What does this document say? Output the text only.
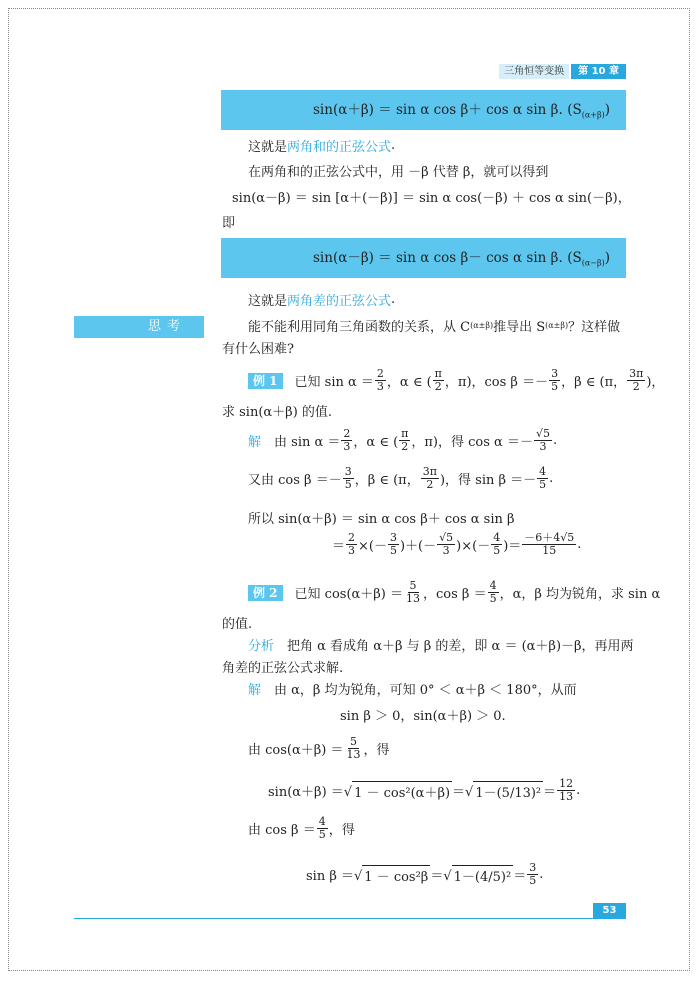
三角恒等变换	第 10 章
sin(α＋β) ＝ sin α cos β＋ cos α sin β. $(S_{(\alpha+\beta)})$
sin(α－β) ＝ sin α cos β－ cos α sin β. $(S_{(\alpha-\beta)})$
思考
这就是 两角和的正弦公式 .
在两角和的正弦公式中，用 －β 代替 β，就可以得到
sin(α－β) ＝ sin [α＋(－β)] ＝ sin α cos(－β) ＋ cos α sin(－β)，
即
这就是 两角差的正弦公式 .
能不能利用同角三角函数的关系，从 C (α±β) 推导出 S (α±β) ？这样做
有什么困难?
例 1	已知 $\sin \alpha = \frac{2}{3}$ ，α ∈ ( $\frac{\pi}{2}$ ，π)，$\cos \beta =- \frac{3}{5}$ ，β ∈ (π， $\frac{3\pi}{2}$ )，
求 sin(α＋β) 的值.
解 　由 $\sin \alpha = \frac{2}{3}$ ，α ∈ ( $\frac{\pi}{2}$ ，π)，得 $\cos \alpha =- \frac{√5}{3}$ .
又由 $\cos \beta =- \frac{3}{5}$ ，β ∈ (π， $\frac{3\pi}{2}$ )，得 $\sin \beta =- \frac{4}{5}$ .
所以 sin(α＋β) ＝ sin α cos β＋ cos α sin β
＝ $\frac{2}{3}$ ×(－ $\frac{3}{5}$ )＋(－ $\frac{√5}{3}$ )×(－ $\frac{4}{5}$ )＝ $\frac{-6+4√5}{15}$ .
例 2	已知 $\cos(\alpha+\beta) = \frac{5}{13}$ ，$\cos \beta = \frac{4}{5}$ ，α，β 均为锐角，求 sin α
的值.
分析 　把角 α 看成角 α＋β 与 β 的差，即 α ＝ (α＋β)－β，再用两
角差的正弦公式求解.
解 　由 α，β 均为锐角，可知 0° ＜ α＋β ＜ 180°，从而
sin β ＞ 0，sin(α＋β) ＞ 0.
由 $\cos(\alpha+\beta) = \frac{5}{13}$ ，得
sin(α＋β) ＝√ 1 － cos²(α＋β) ＝√ $1-(5/13)^2 = \frac{12}{13}$ .
由 $\cos \beta = \frac{4}{5}$ ，得
sin β ＝√ 1 － cos²β ＝√ $1-(4/5)^2 = \frac{3}{5}$ .
53
